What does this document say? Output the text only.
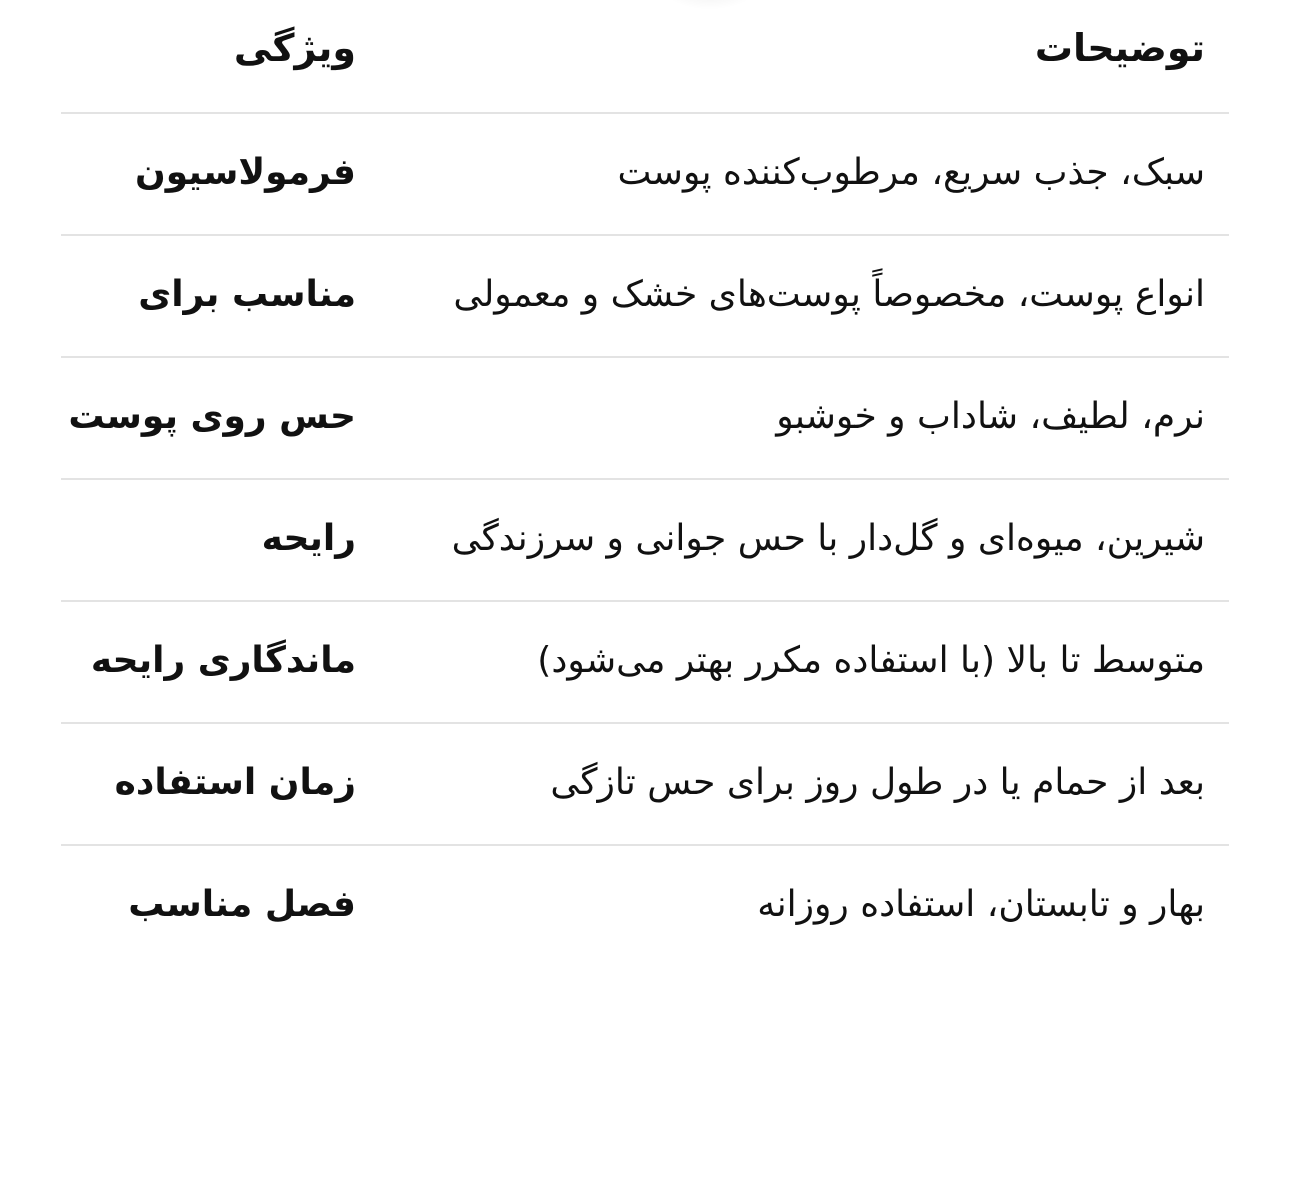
توضیحات	ویژگی
سبک، جذب سریع، مرطوب‌کننده پوست	فرمولاسیون
انواع پوست، مخصوصاً پوست‌های خشک و معمولی	مناسب برای
نرم، لطیف، شاداب و خوشبو	حس روی پوست
شیرین، میوه‌ای و گل‌دار با حس جوانی و سرزندگی	رایحه
متوسط تا بالا (با استفاده مکرر بهتر می‌شود)	ماندگاری رایحه
بعد از حمام یا در طول روز برای حس تازگی	زمان استفاده
بهار و تابستان، استفاده روزانه	فصل مناسب
